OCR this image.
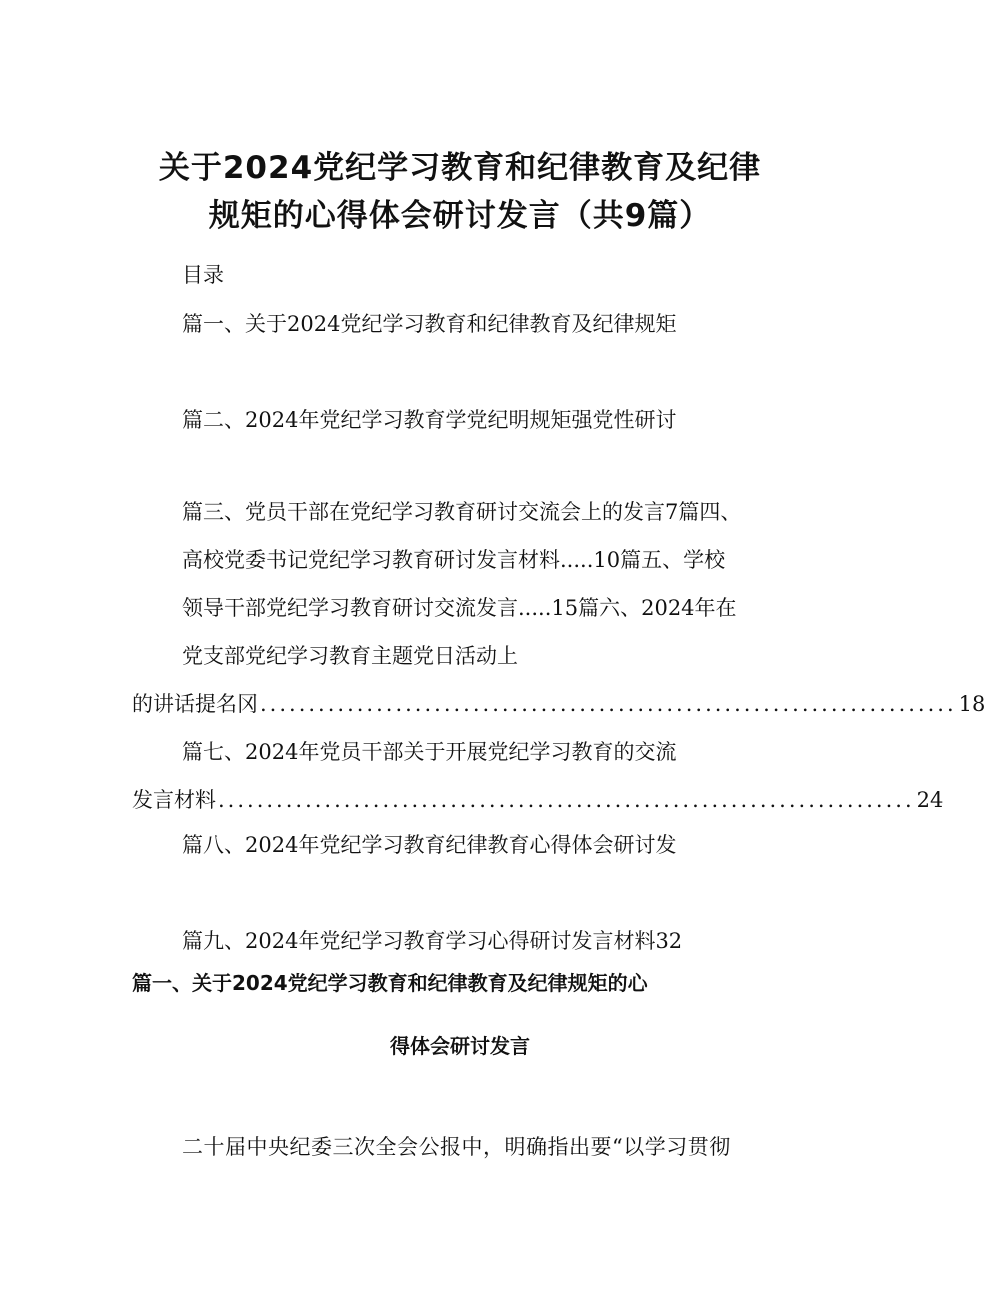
关于2024党纪学习教育和纪律教育及纪律
规矩的心得体会研讨发言（共9篇）
目录
篇一、关于2024党纪学习教育和纪律教育及纪律规矩
篇二、2024年党纪学习教育学党纪明规矩强党性研讨
篇三、党员干部在党纪学习教育研讨交流会上的发言7篇四、
高校党委书记党纪学习教育研讨发言材料.....10篇五、学校
领导干部党纪学习教育研讨交流发言.....15篇六、2024年在
党支部党纪学习教育主题党日活动上
的讲话提名冈 ........................................................................ 18
篇七、2024年党员干部关于开展党纪学习教育的交流
发言材料 ........................................................................ 24
篇八、2024年党纪学习教育纪律教育心得体会研讨发
篇九、2024年党纪学习教育学习心得研讨发言材料32
篇一、关于2024党纪学习教育和纪律教育及纪律规矩的心
得体会研讨发言
二十届中央纪委三次全会公报中，明确指出要“以学习贯彻
